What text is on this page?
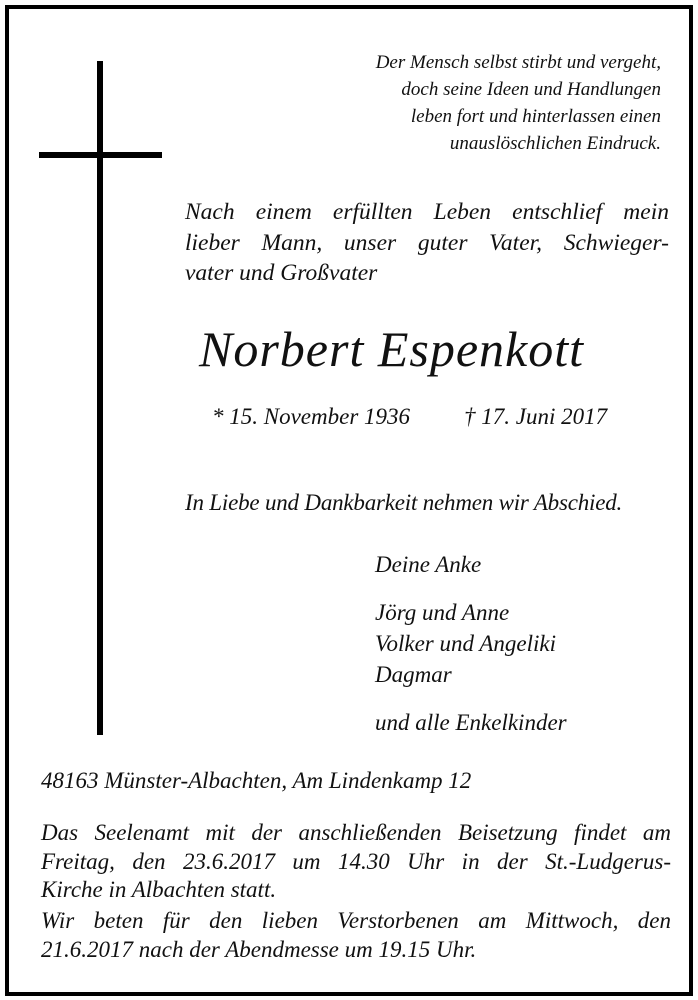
Der Mensch selbst stirbt und vergeht,
doch seine Ideen und Handlungen
leben fort und hinterlassen einen
unauslöschlichen Eindruck.
Nach einem erfüllten Leben entschlief mein
lieber Mann, unser guter Vater, Schwieger-
vater und Großvater
Norbert Espenkott
* 15. November 1936 † 17. Juni 2017
In Liebe und Dankbarkeit nehmen wir Abschied.
Deine Anke
Jörg und Anne
Volker und Angeliki
Dagmar
und alle Enkelkinder
48163 Münster-Albachten, Am Lindenkamp 12
Das Seelenamt mit der anschließenden Beisetzung findet am
Freitag, den 23.6.2017 um 14.30 Uhr in der St.-Ludgerus-
Kirche in Albachten statt.
Wir beten für den lieben Verstorbenen am Mittwoch, den
21.6.2017 nach der Abendmesse um 19.15 Uhr.
